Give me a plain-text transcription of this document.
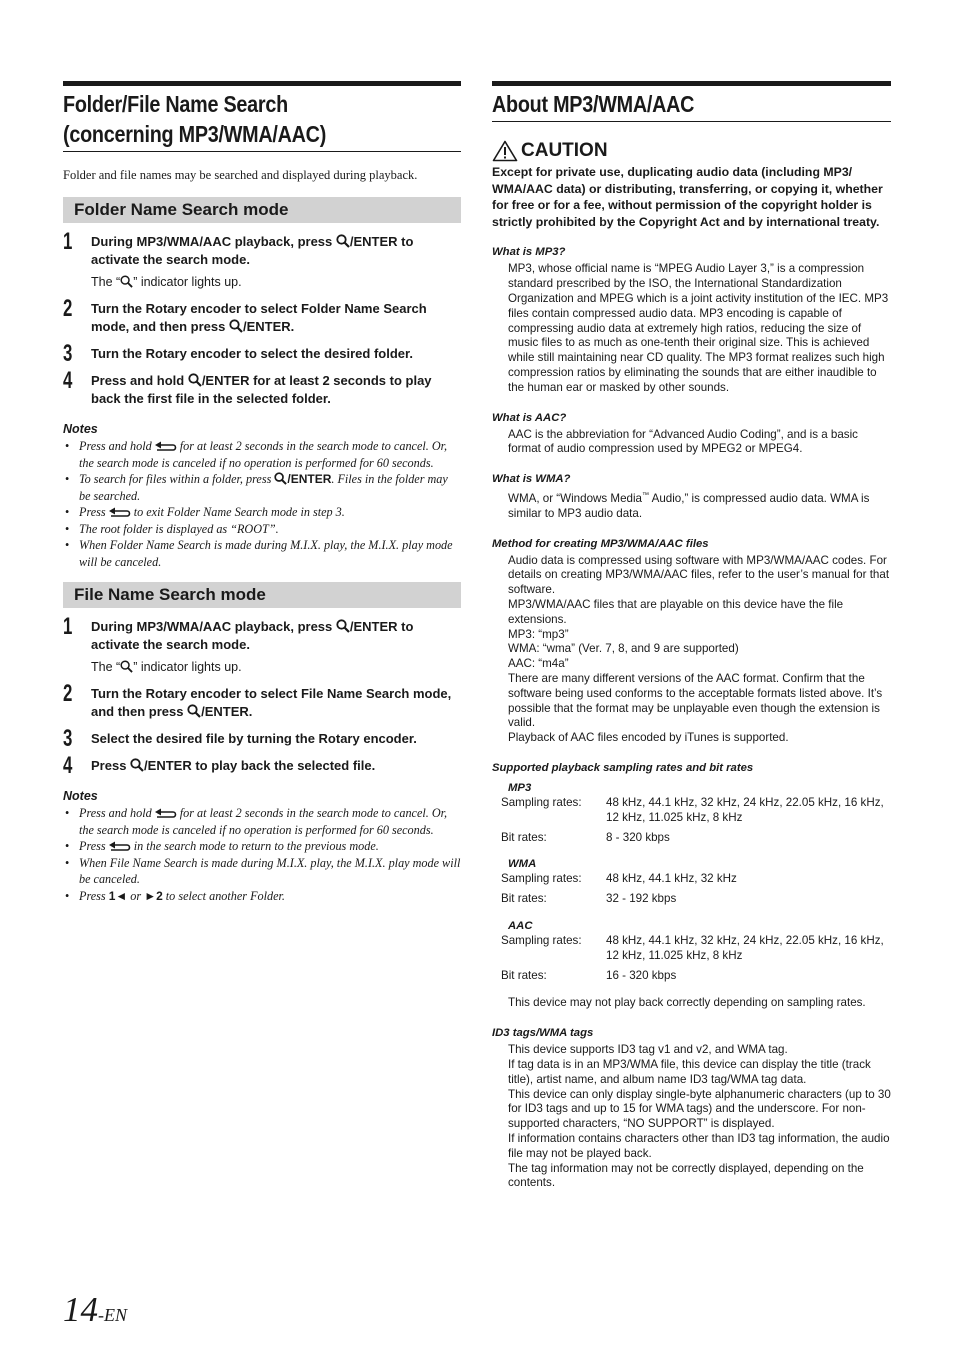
Folder/File Name Search
(concerning MP3/WMA/AAC)
Folder and file names may be searched and displayed during playback.
Folder Name Search mode
1 During MP3/WMA/AAC playback, press /ENTER to activate the search mode.
The “ ” indicator lights up.
2 Turn the Rotary encoder to select Folder Name Search mode, and then press /ENTER.
3 Turn the Rotary encoder to select the desired folder.
4 Press and hold /ENTER for at least 2 seconds to play back the first file in the selected folder.
Notes
• Press and hold  for at least 2 seconds in the search mode to cancel. Or, the search mode is canceled if no operation is performed for 60 seconds.
• To search for files within a folder, press /ENTER. Files in the folder may be searched.
• Press  to exit Folder Name Search mode in step 3.
• The root folder is displayed as “ROOT”.
• When Folder Name Search is made during M.I.X. play, the M.I.X. play mode will be canceled.
File Name Search mode
1 During MP3/WMA/AAC playback, press /ENTER to activate the search mode.
The “ ” indicator lights up.
2 Turn the Rotary encoder to select File Name Search mode, and then press /ENTER.
3 Select the desired file by turning the Rotary encoder.
4 Press /ENTER to play back the selected file.
Notes
• Press and hold  for at least 2 seconds in the search mode to cancel. Or, the search mode is canceled if no operation is performed for 60 seconds.
• Press  in the search mode to return to the previous mode.
• When File Name Search is made during M.I.X. play, the M.I.X. play mode will be canceled.
• Press 1◄ or ►2 to select another Folder.
About MP3/WMA/AAC
CAUTION
Except for private use, duplicating audio data (including MP3/ WMA/AAC data) or distributing, transferring, or copying it, whether for free or for a fee, without permission of the copyright holder is strictly prohibited by the Copyright Act and by international treaty.
What is MP3?
MP3, whose official name is “MPEG Audio Layer 3,” is a compression standard prescribed by the ISO, the International Standardization Organization and MPEG which is a joint activity institution of the IEC. MP3 files contain compressed audio data. MP3 encoding is capable of compressing audio data at extremely high ratios, reducing the size of music files to as much as one-tenth their original size. This is achieved while still maintaining near CD quality. The MP3 format realizes such high compression ratios by eliminating the sounds that are either inaudible to the human ear or masked by other sounds.
What is AAC?
AAC is the abbreviation for “Advanced Audio Coding”, and is a basic format of audio compression used by MPEG2 or MPEG4.
What is WMA?
WMA, or “Windows Media™ Audio,” is compressed audio data. WMA is similar to MP3 audio data.
Method for creating MP3/WMA/AAC files
Audio data is compressed using software with MP3/WMA/AAC codes. For details on creating MP3/WMA/AAC files, refer to the user’s manual for that software.
MP3/WMA/AAC files that are playable on this device have the file extensions.
MP3: “mp3”
WMA: “wma” (Ver. 7, 8, and 9 are supported)
AAC: “m4a”
There are many different versions of the AAC format. Confirm that the software being used conforms to the acceptable formats listed above. It’s possible that the format may be unplayable even though the extension is valid.
Playback of AAC files encoded by iTunes is supported.
Supported playback sampling rates and bit rates
MP3
Sampling rates:	48 kHz, 44.1 kHz, 32 kHz, 24 kHz, 22.05 kHz, 16 kHz, 12 kHz, 11.025 kHz, 8 kHz
Bit rates:	8 - 320 kbps
WMA
Sampling rates:	48 kHz, 44.1 kHz, 32 kHz
Bit rates:	32 - 192 kbps
AAC
Sampling rates:	48 kHz, 44.1 kHz, 32 kHz, 24 kHz, 22.05 kHz, 16 kHz, 12 kHz, 11.025 kHz, 8 kHz
Bit rates:	16 - 320 kbps
This device may not play back correctly depending on sampling rates.
ID3 tags/WMA tags
This device supports ID3 tag v1 and v2, and WMA tag.
If tag data is in an MP3/WMA file, this device can display the title (track title), artist name, and album name ID3 tag/WMA tag data.
This device can only display single-byte alphanumeric characters (up to 30 for ID3 tags and up to 15 for WMA tags) and the underscore. For non-supported characters, “NO SUPPORT” is displayed.
If information contains characters other than ID3 tag information, the audio file may not be played back.
The tag information may not be correctly displayed, depending on the contents.
14-EN
